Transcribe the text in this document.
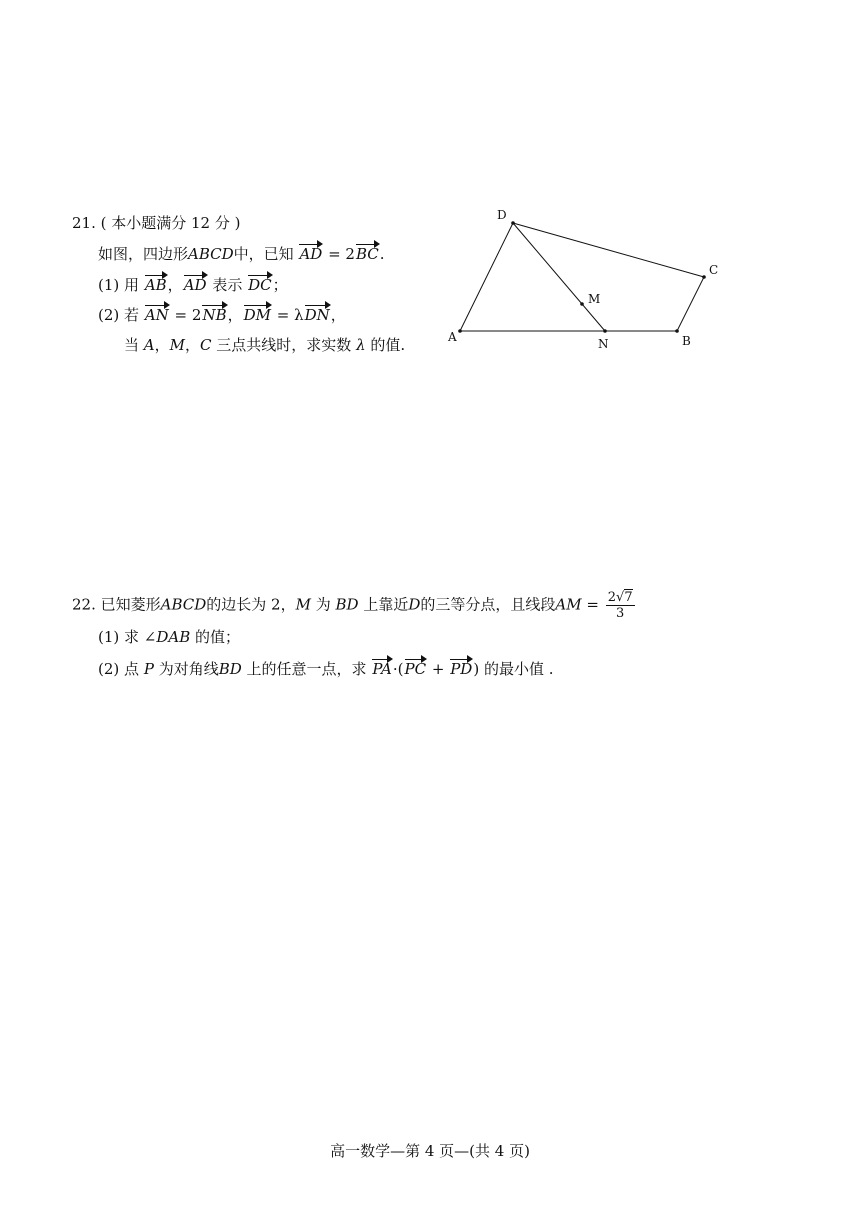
21. ( 本小题满分 12 分 )
如图，四边形ABCD中，已知 AD = 2BC.
(1) 用 AB，AD 表示 DC；
(2) 若 AN = 2NB，DM = λDN，
当 A，M，C 三点共线时，求实数 λ 的值.	A
D
C
B
N
M
22. 已知菱形ABCD的边长为 2，M 为 BD 上靠近D的三等分点，且线段AM = $\frac{2√7}{3}$
(1) 求 ∠DAB 的值；
(2) 点 P 为对角线BD 上的任意一点，求 PA·(PC + PD) 的最小值 .
高一数学—第 4 页—(共 4 页)
